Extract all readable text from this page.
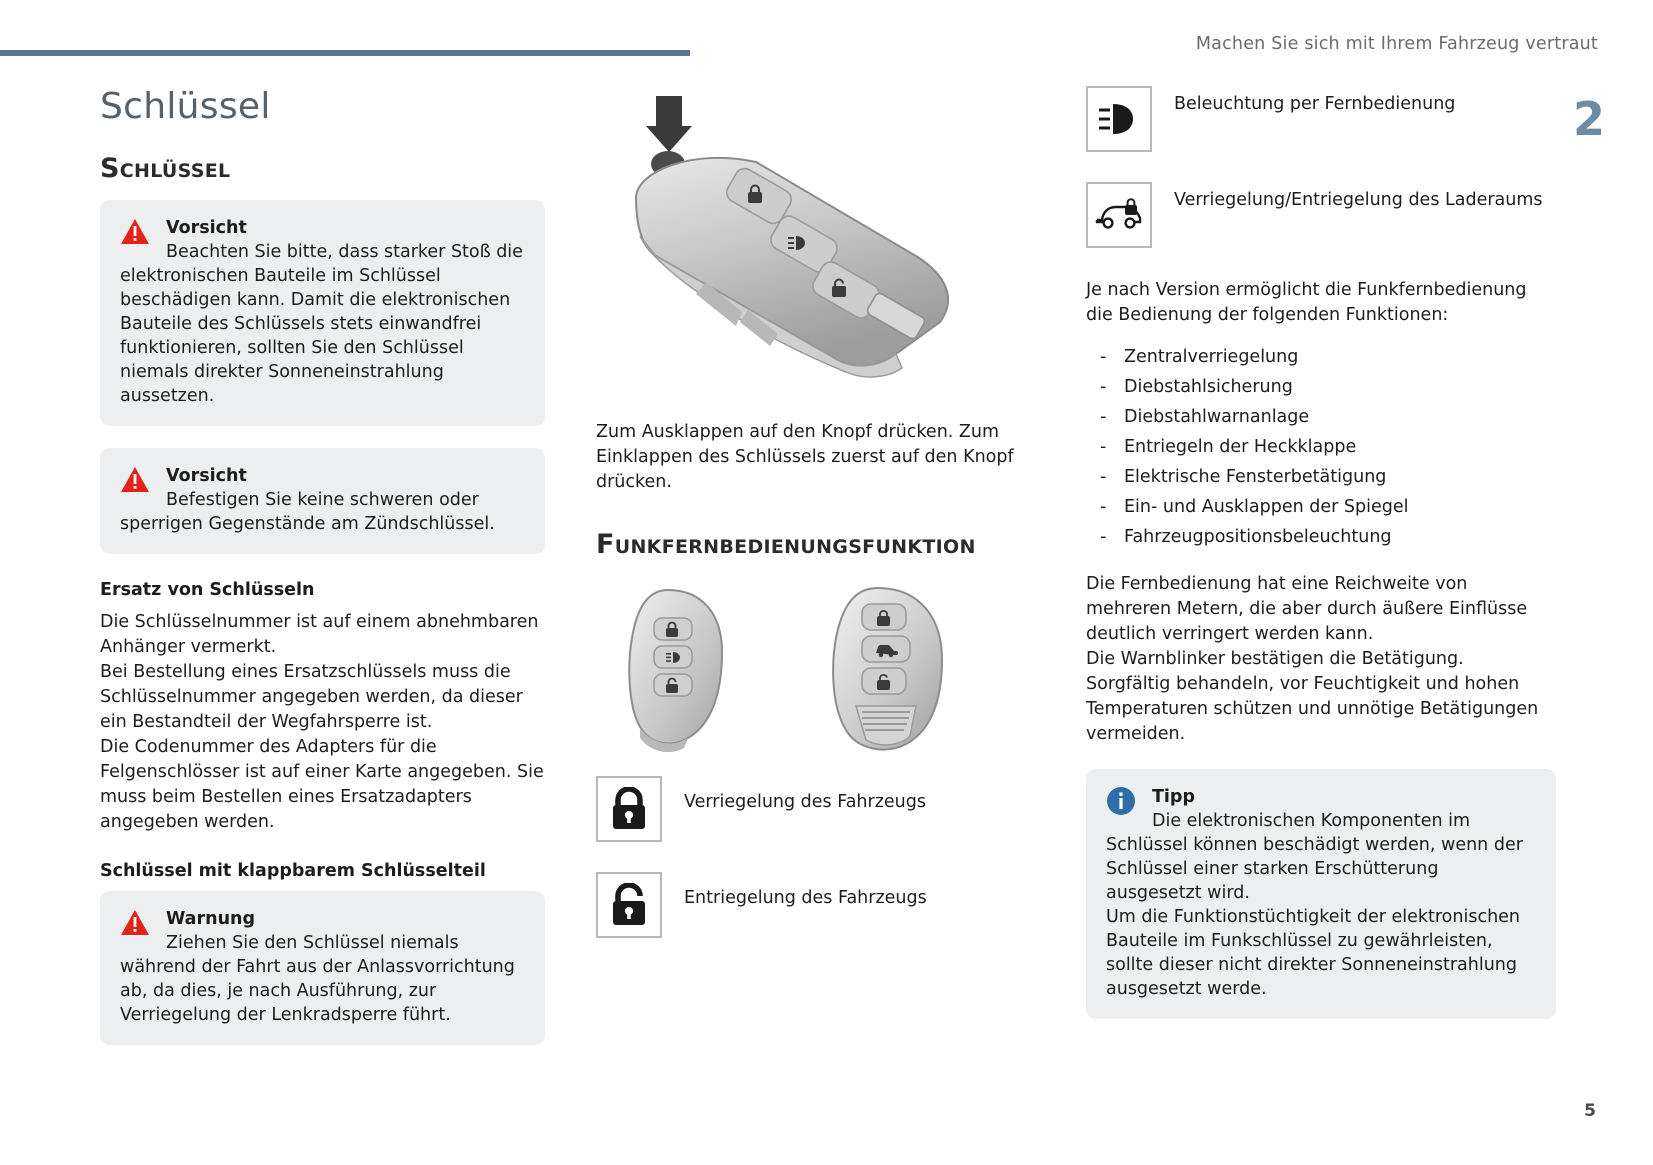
Machen Sie sich mit Ihrem Fahrzeug vertraut
2
5
Schlüssel
Schlüssel

Vorsicht

Beachten Sie bitte, dass starker Stoß die elektronischen Bauteile im Schlüssel beschädigen kann. Damit die elektronischen Bauteile des Schlüssels stets einwandfrei funktionieren, sollten Sie den Schlüssel niemals direkter Sonneneinstrahlung aussetzen.

Vorsicht

Befestigen Sie keine schweren oder sperrigen Gegenstände am Zündschlüssel.

Ersatz von Schlüsseln

Die Schlüsselnummer ist auf einem abnehmbaren Anhänger vermerkt.

Bei Bestellung eines Ersatzschlüssels muss die Schlüsselnummer angegeben werden, da dieser ein Bestandteil der Wegfahrsperre ist.

Die Codenummer des Adapters für die Felgenschlösser ist auf einer Karte angegeben. Sie muss beim Bestellen eines Ersatzadapters angegeben werden.

Schlüssel mit klappbarem Schlüsselteil

Warnung

Ziehen Sie den Schlüssel niemals während der Fahrt aus der Anlassvorrichtung ab, da dies, je nach Ausführung, zur Verriegelung der Lenkradsperre führt.

Zum Ausklappen auf den Knopf drücken. Zum Einklappen des Schlüssels zuerst auf den Knopf drücken.

Funkfernbedienungsfunktion
Verriegelung des Fahrzeugs
Entriegelung des Fahrzeugs
Beleuchtung per Fernbedienung
Verriegelung/Entriegelung des Laderaums

Je nach Version ermöglicht die Funkfernbedienung die Bedienung der folgenden Funktionen:

- Zentralverriegelung
- Diebstahlsicherung
- Diebstahlwarnanlage
- Entriegeln der Heckklappe
- Elektrische Fensterbetätigung
- Ein- und Ausklappen der Spiegel
- Fahrzeugpositionsbeleuchtung

Die Fernbedienung hat eine Reichweite von mehreren Metern, die aber durch äußere Einflüsse deutlich verringert werden kann.

Die Warnblinker bestätigen die Betätigung.

Sorgfältig behandeln, vor Feuchtigkeit und hohen Temperaturen schützen und unnötige Betätigungen vermeiden.

Tipp

Die elektronischen Komponenten im Schlüssel können beschädigt werden, wenn der Schlüssel einer starken Erschütterung ausgesetzt wird.

Um die Funktionstüchtigkeit der elektronischen Bauteile im Funkschlüssel zu gewährleisten, sollte dieser nicht direkter Sonneneinstrahlung ausgesetzt werde.
